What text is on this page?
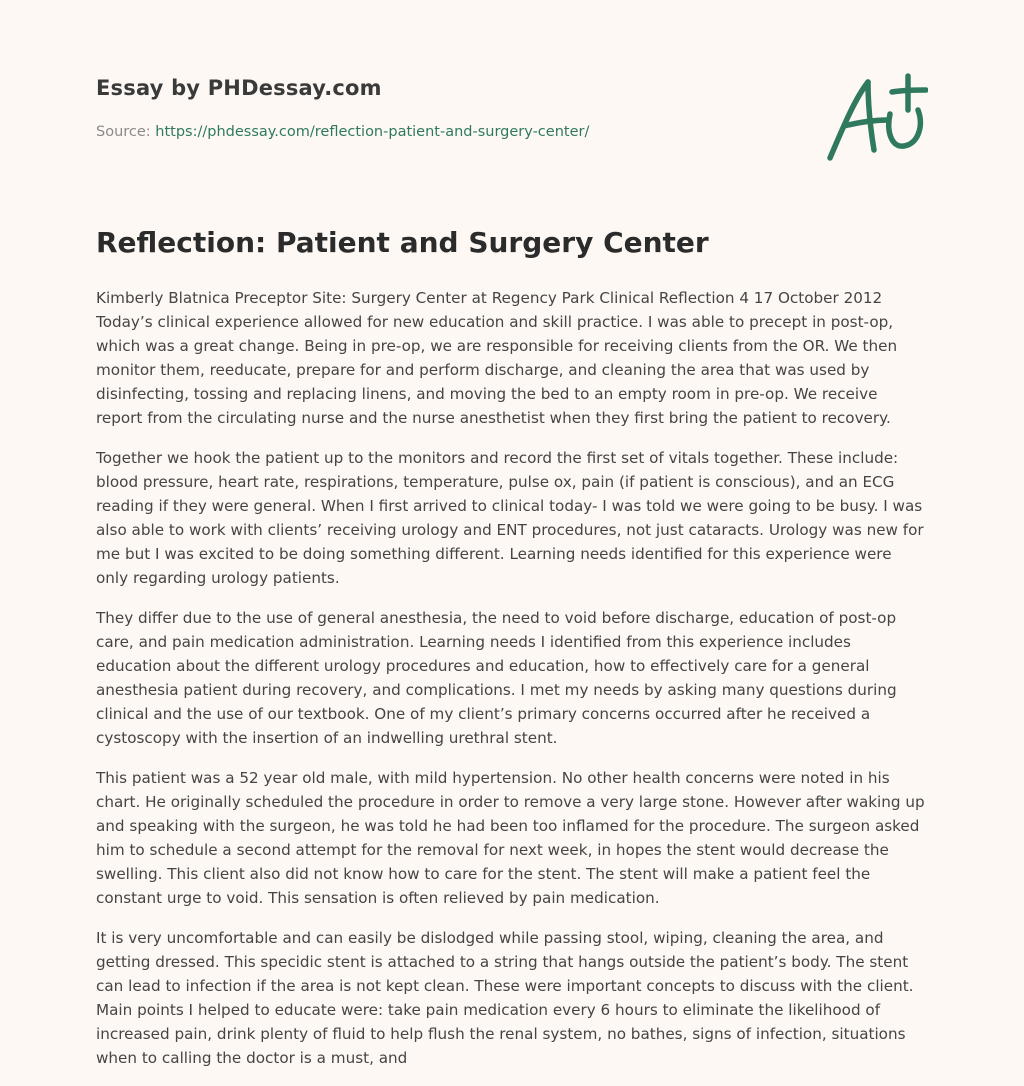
Essay by PHDessay.com
Source: https://phdessay.com/reflection-patient-and-surgery-center/
Reflection: Patient and Surgery Center

Kimberly Blatnica Preceptor Site: Surgery Center at Regency Park Clinical Reflection 4 17 October 2012 Today’s clinical experience allowed for new education and skill practice. I was able to precept in post-op, which was a great change. Being in pre-op, we are responsible for receiving clients from the OR. We then monitor them, reeducate, prepare for and perform discharge, and cleaning the area that was used by disinfecting, tossing and replacing linens, and moving the bed to an empty room in pre-op. We receive report from the circulating nurse and the nurse anesthetist when they first bring the patient to recovery.

Together we hook the patient up to the monitors and record the first set of vitals together. These include: blood pressure, heart rate, respirations, temperature, pulse ox, pain (if patient is conscious), and an ECG reading if they were general. When I first arrived to clinical today- I was told we were going to be busy. I was also able to work with clients’ receiving urology and ENT procedures, not just cataracts. Urology was new for me but I was excited to be doing something different. Learning needs identified for this experience were only regarding urology patients.

They differ due to the use of general anesthesia, the need to void before discharge, education of post-op care, and pain medication administration. Learning needs I identified from this experience includes education about the different urology procedures and education, how to effectively care for a general anesthesia patient during recovery, and complications. I met my needs by asking many questions during clinical and the use of our textbook. One of my client’s primary concerns occurred after he received a cystoscopy with the insertion of an indwelling urethral stent.

This patient was a 52 year old male, with mild hypertension. No other health concerns were noted in his chart. He originally scheduled the procedure in order to remove a very large stone. However after waking up and speaking with the surgeon, he was told he had been too inflamed for the procedure. The surgeon asked him to schedule a second attempt for the removal for next week, in hopes the stent would decrease the swelling. This client also did not know how to care for the stent. The stent will make a patient feel the constant urge to void. This sensation is often relieved by pain medication.

It is very uncomfortable and can easily be dislodged while passing stool, wiping, cleaning the area, and getting dressed. This specidic stent is attached to a string that hangs outside the patient’s body. The stent can lead to infection if the area is not kept clean. These were important concepts to discuss with the client. Main points I helped to educate were: take pain medication every 6 hours to eliminate the likelihood of increased pain, drink plenty of fluid to help flush the renal system, no bathes, signs of infection, situations when to calling the doctor is a must, and
